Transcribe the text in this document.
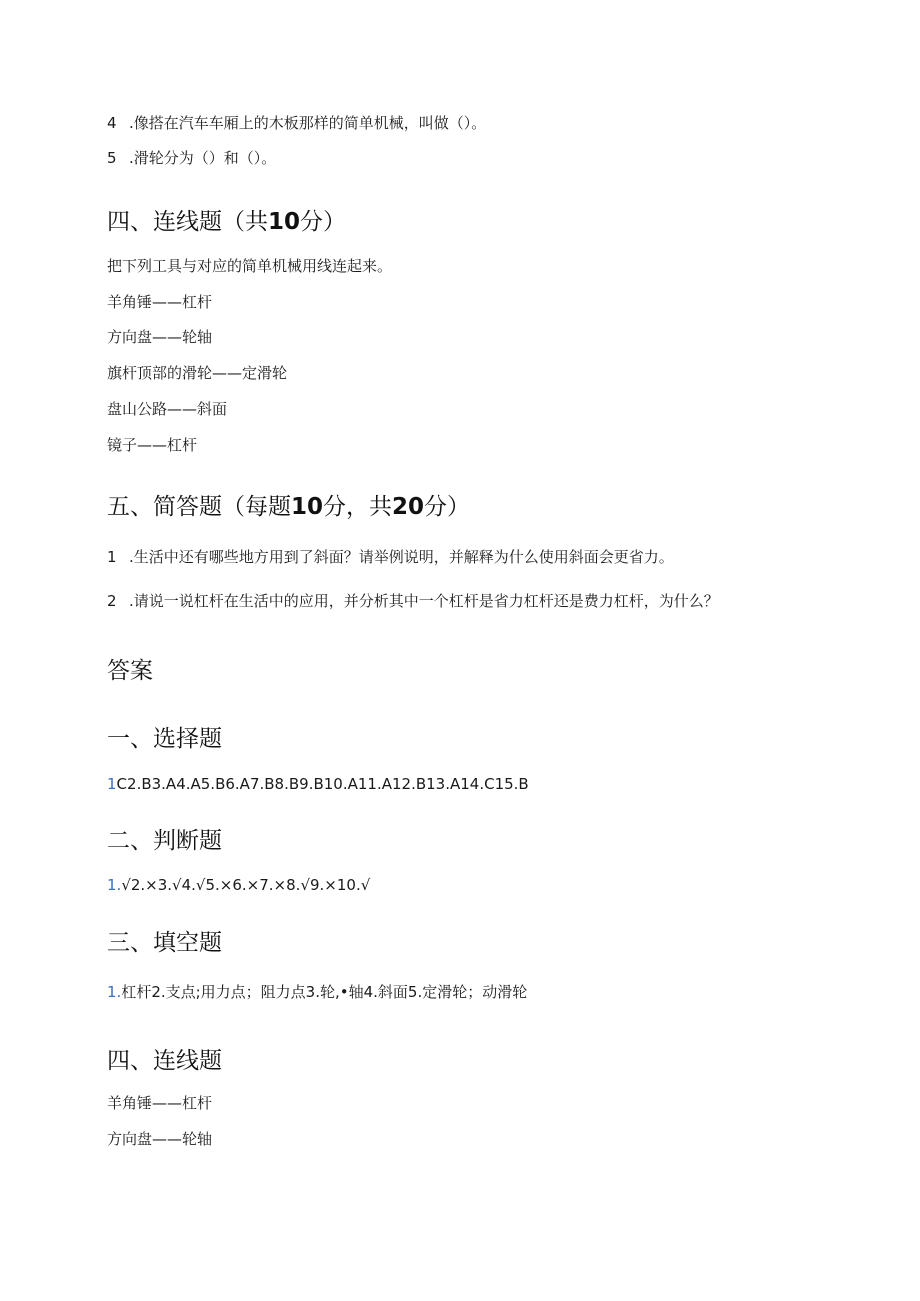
4 .像搭在汽车车厢上的木板那样的简单机械，叫做（）。
5 .滑轮分为（）和（）。
四、连线题（共10分）
把下列工具与对应的简单机械用线连起来。
羊角锤——杠杆
方向盘——轮轴
旗杆顶部的滑轮——定滑轮
盘山公路——斜面
镜子——杠杆
五、简答题（每题10分，共20分）
1 .生活中还有哪些地方用到了斜面？请举例说明，并解释为什么使用斜面会更省力。
2 .请说一说杠杆在生活中的应用，并分析其中一个杠杆是省力杠杆还是费力杠杆，为什么？
答案
一、选择题
1C2.B3.A4.A5.B6.A7.B8.B9.B10.A11.A12.B13.A14.C15.B
二、判断题
1.√2.×3.√4.√5.×6.×7.×8.√9.×10.√
三、填空题
1.杠杆2.支点;用力点；阻力点3.轮,•轴4.斜面5.定滑轮；动滑轮
四、连线题
羊角锤——杠杆
方向盘——轮轴
